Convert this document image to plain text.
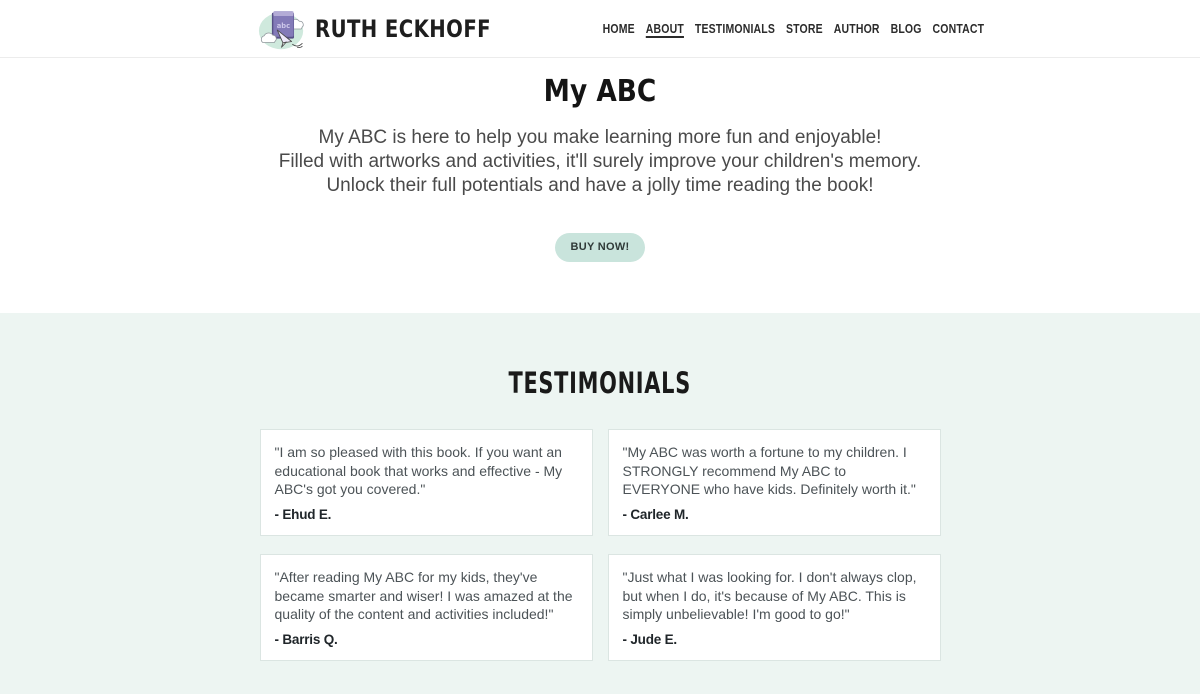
abc RUTH ECKHOFF	HOME ABOUT TESTIMONIALS STORE AUTHOR BLOG CONTACT
My ABC
My ABC is here to help you make learning more fun and enjoyable!
Filled with artworks and activities, it'll surely improve your children's memory.
Unlock their full potentials and have a jolly time reading the book!
BUY NOW!
TESTIMONIALS

"I am so pleased with this book. If you want an educational book that works and effective - My ABC's got you covered."

- Ehud E.

"My ABC was worth a fortune to my children. I STRONGLY recommend My ABC to EVERYONE who have kids. Definitely worth it."

- Carlee M.

"After reading My ABC for my kids, they've became smarter and wiser! I was amazed at the quality of the content and activities included!"

- Barris Q.

"Just what I was looking for. I don't always clop, but when I do, it's because of My ABC. This is simply unbelievable! I'm good to go!"

- Jude E.
